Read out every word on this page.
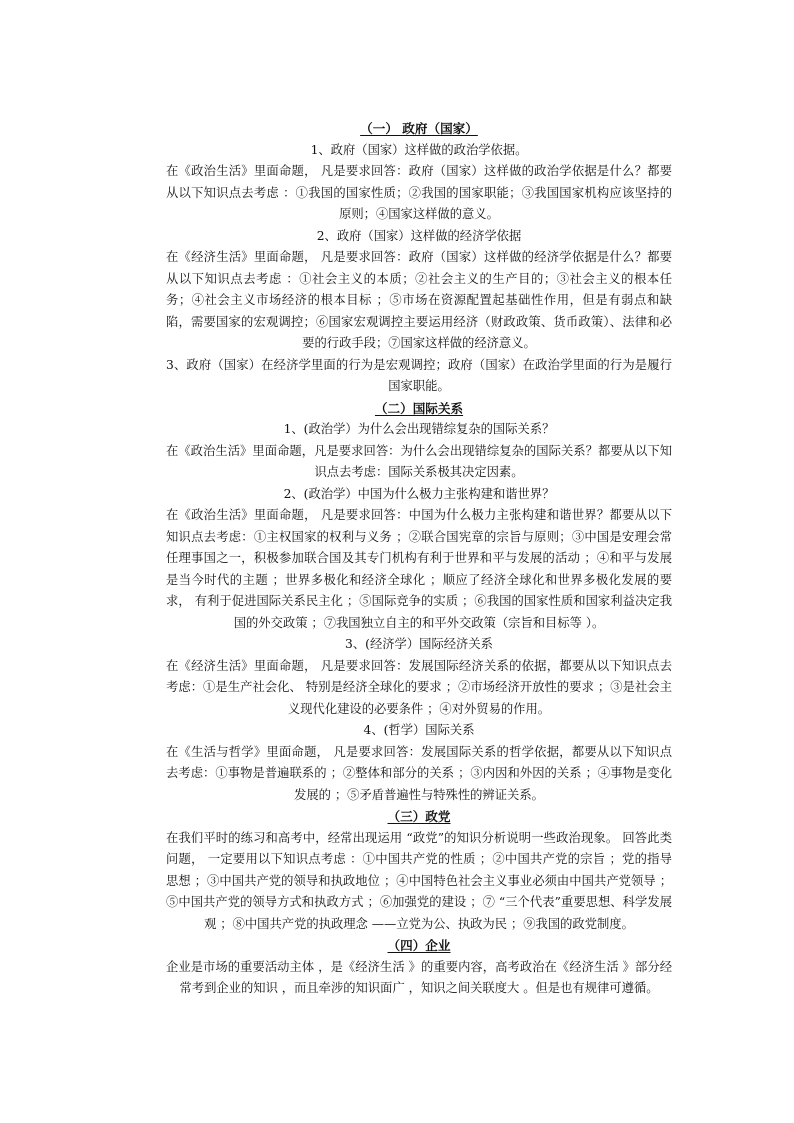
（一） 政府（国家）

1、政府（国家）这样做的政治学依据。

在《政治生活》里面命题， 凡是要求回答：政府（国家）这样做的政治学依据是什么？都要从以下知识点去考虑 ：①我国的国家性质；②我国的国家职能；③我国国家机构应该坚持的原则；④国家这样做的意义。

2、政府（国家）这样做的经济学依据

在《经济生活》里面命题， 凡是要求回答：政府（国家）这样做的经济学依据是什么？都要从以下知识点去考虑 ：①社会主义的本质；②社会主义的生产目的；③社会主义的根本任务；④社会主义市场经济的根本目标 ；⑤市场在资源配置起基础性作用，但是有弱点和缺陷，需要国家的宏观调控；⑥国家宏观调控主要运用经济（财政政策、货币政策）、法律和必要的行政手段；⑦国家这样做的经济意义。

3、政府（国家）在经济学里面的行为是宏观调控；政府（国家）在政治学里面的行为是履行国家职能。

（二）国际关系

1、(政治学）为什么会出现错综复杂的国际关系？

在《政治生活》里面命题，凡是要求回答：为什么会出现错综复杂的国际关系？都要从以下知识点去考虑：国际关系极其决定因素。

2、(政治学）中国为什么极力主张构建和谐世界？

在《政治生活》里面命题， 凡是要求回答：中国为什么极力主张构建和谐世界？都要从以下知识点去考虑：①主权国家的权利与义务 ；②联合国宪章的宗旨与原则；③中国是安理会常任理事国之一，积极参加联合国及其专门机构有利于世界和平与发展的活动 ；④和平与发展是当今时代的主题 ；世界多极化和经济全球化 ；顺应了经济全球化和世界多极化发展的要求， 有利于促进国际关系民主化 ；⑤国际竞争的实质 ；⑥我国的国家性质和国家利益决定我国的外交政策 ；⑦我国独立自主的和平外交政策（宗旨和目标等 ）。

3、(经济学）国际经济关系

在《经济生活》里面命题， 凡是要求回答：发展国际经济关系的依据，都要从以下知识点去考虑：①是生产社会化、 特别是经济全球化的要求 ；②市场经济开放性的要求 ；③是社会主义现代化建设的必要条件 ；④对外贸易的作用。

4、(哲学）国际关系

在《生活与哲学》里面命题， 凡是要求回答：发展国际关系的哲学依据，都要从以下知识点去考虑：①事物是普遍联系的 ；②整体和部分的关系 ；③内因和外因的关系 ；④事物是变化发展的 ；⑤矛盾普遍性与特殊性的辨证关系。

（三）政党

在我们平时的练习和高考中，经常出现运用 “政党”的知识分析说明一些政治现象。 回答此类问题， 一定要用以下知识点考虑 ：①中国共产党的性质 ；②中国共产党的宗旨 ；党的指导思想 ；③中国共产党的领导和执政地位 ；④中国特色社会主义事业必须由中国共产党领导 ；⑤中国共产党的领导方式和执政方式 ；⑥加强党的建设 ；⑦ “三个代表”重要思想、科学发展观 ；⑧中国共产党的执政理念 ——立党为公、执政为民 ；⑨我国的政党制度。

（四）企业

企业是市场的重要活动主体 ，是《经济生活 》的重要内容，高考政治在《经济生活 》部分经常考到企业的知识 ，而且牵涉的知识面广 ，知识之间关联度大 。但是也有规律可遵循。
